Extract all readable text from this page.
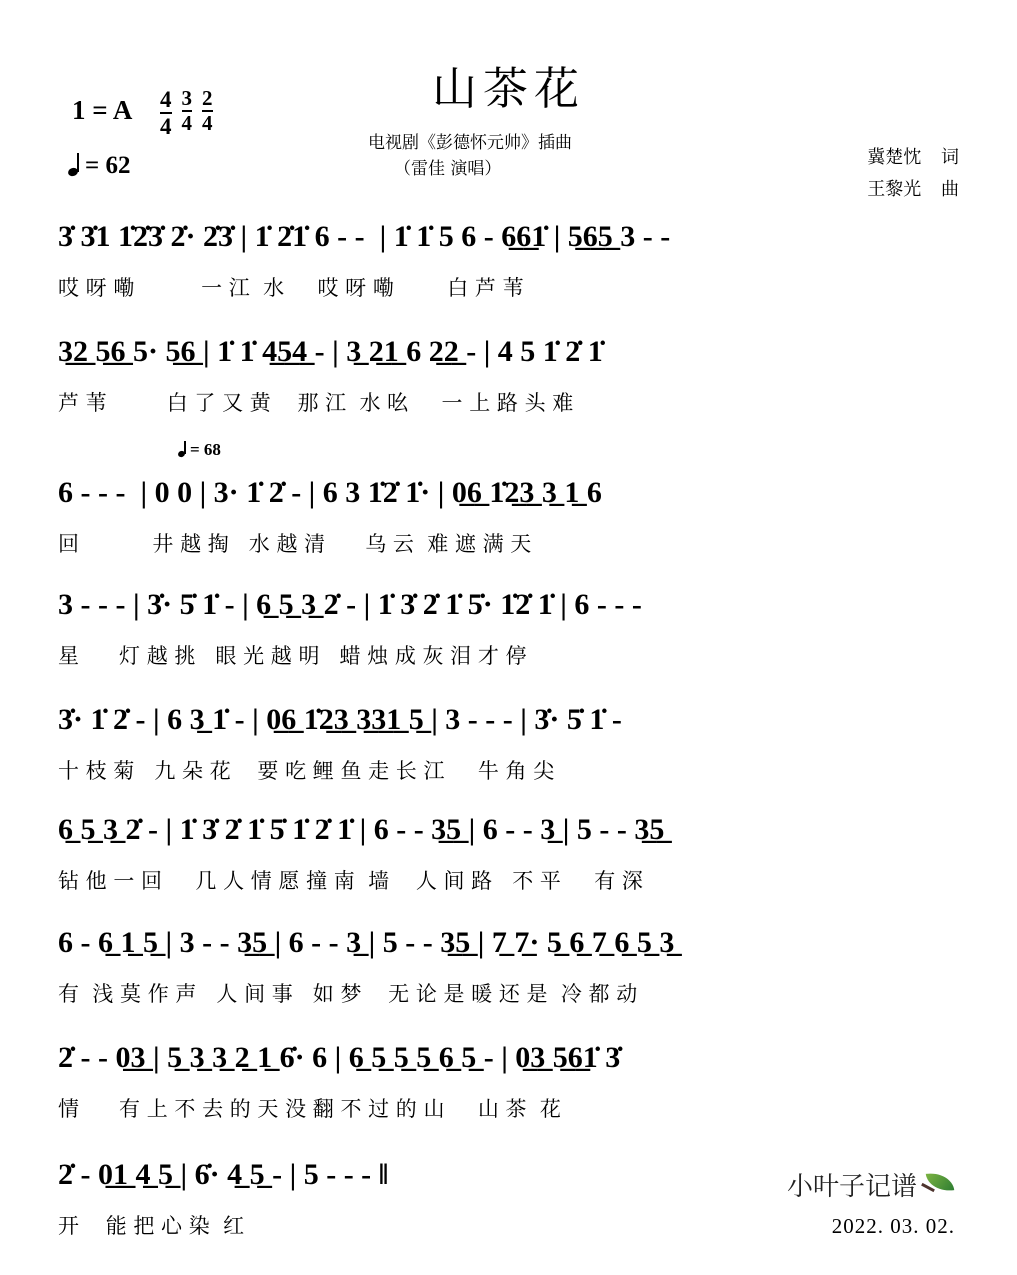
山茶花
1 = A $\frac{4}{4} \frac{3}{4} \frac{2}{4}$
= 62
= 68
电视剧《彭德怀元帅》插曲
（雷佳 演唱）
冀楚忱 词
王黎光 曲
3̇ 3̇1 1̇2̇3̇ 2̇· 2̇3̇ | 1̇ 2̇1̇ 6 - -  | 1̇ 1̇ 5 6 - 6̲6̲1̇ | 5̲6̲5̲ 3 - -
哎 呀 嘞          一 江  水     哎 呀 嘞        白 芦 苇
3̲2̲ 5̲6̲ 5· 5̲6̲ | 1̇ 1̇ 4̲5̲4̲ - | 3̲ 2̲1̲ 6 2̲2̲ - | 4 5 1̇ 2̇ 1̇
芦 苇         白 了 又 黄    那 江  水 吆     一 上 路 头 难
6 - - -  | 0 0 | 3· 1̇ 2̇ - | 6 3 1̇2̇ 1̇· | 0̲6̲ 1̇2̲3̲ 3̲ 1̲ 6
回           井 越 掏   水 越 清      乌 云  难 遮 满 天
3 - - - | 3̇· 5̇ 1̇ - | 6̲ 5̲ 3̲ 2̇ - | 1̇ 3̇ 2̇ 1̇ 5̇· 1̇2̇ 1̇ | 6 - - -
星      灯 越 挑   眼 光 越 明   蜡 烛 成 灰 泪 才 停
3̇· 1̇ 2̇ - | 6 3̲ 1̇ - | 0̲6̲ 1̇2̲3̲ 3̲3̲1̲ 5̲ | 3 - - - | 3̇· 5̇ 1̇ -
十 枝 菊   九 朵 花    要 吃 鲤 鱼 走 长 江     牛 角 尖
6̲ 5̲ 3̲ 2̇ - | 1̇ 3̇ 2̇ 1̇ 5̇ 1̇ 2̇ 1̇ | 6 - - 3̲5̲ | 6 - - 3̲ | 5 - - 3̲5̲
钻 他 一 回     几 人 情 愿 撞 南  墙    人 间 路   不 平     有 深
6 - 6̲ 1̲ 5̲ | 3 - - 3̲5̲ | 6 - - 3̲ | 5 - - 3̲5̲ | 7̲ 7̲· 5̲ 6̲ 7̲ 6̲ 5̲ 3̲
有  浅 莫 作 声   人 间 事   如 梦    无 论 是 暖 还 是  冷 都 动
2̇ - - 0̲3̲ | 5̲ 3̲ 3̲ 2̲ 1̲ 6̇· 6 | 6̲ 5̲ 5̲ 5̲ 6̲ 5̲ - | 0̲3̲ 5̲6̲1̇ 3̇
情      有 上 不 去 的 天 没 翻 不 过 的 山     山 茶  花
2̇ - 0̲1̲ 4̲ 5̲ | 6̇· 4̲ 5̲ - | 5 - - - ‖
开    能 把 心 染  红
小叶子记谱
2022. 03. 02.
